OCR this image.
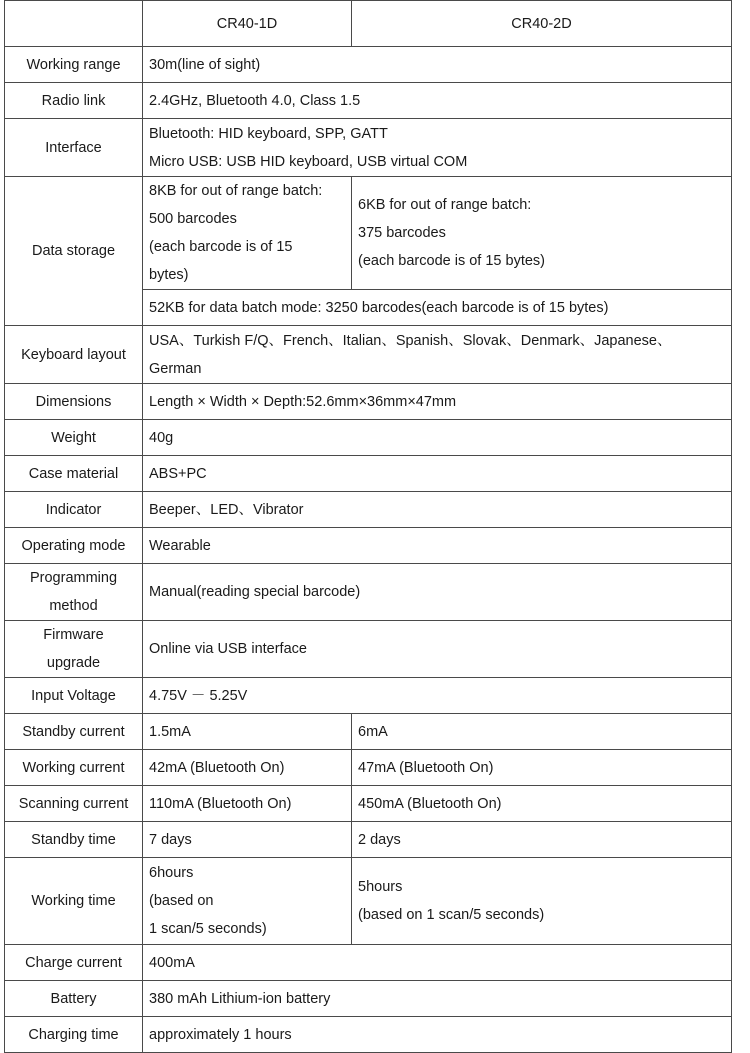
	CR40-1D	CR40-2D
Working range	30m(line of sight)	
Radio link	2.4GHz, Bluetooth 4.0, Class 1.5	
Interface	Bluetooth: HID keyboard, SPP, GATT
Micro USB: USB HID keyboard, USB virtual COM	

Data storage	8KB for out of range batch:
500 barcodes
(each barcode is of 15
bytes)	6KB for out of range batch:
375 barcodes
(each barcode is of 15 bytes)

	52KB for data batch mode: 3250 barcodes(each barcode is of 15 bytes)	
Keyboard layout	USA、Turkish F/Q、French、Italian、Spanish、Slovak、Denmark、Japanese、
German	

Dimensions	Length × Width × Depth:52.6mm×36mm×47mm	
Weight	40g	
Case material	ABS+PC	
Indicator	Beeper、LED、Vibrator	
Operating mode	Wearable	

Programming
method	Manual(reading special barcode)	

Firmware
upgrade	Online via USB interface	
Input Voltage	4.75V － 5.25V	
Standby current	1.5mA	6mA
Working current	42mA (Bluetooth On)	47mA (Bluetooth On)
Scanning current	110mA (Bluetooth On)	450mA (Bluetooth On)
Standby time	7 days	2 days
Working time	6hours
(based on
1 scan/5 seconds)	5hours
(based on 1 scan/5 seconds)

Charge current	400mA	
Battery	380 mAh Lithium-ion battery	
Charging time	approximately 1 hours	
